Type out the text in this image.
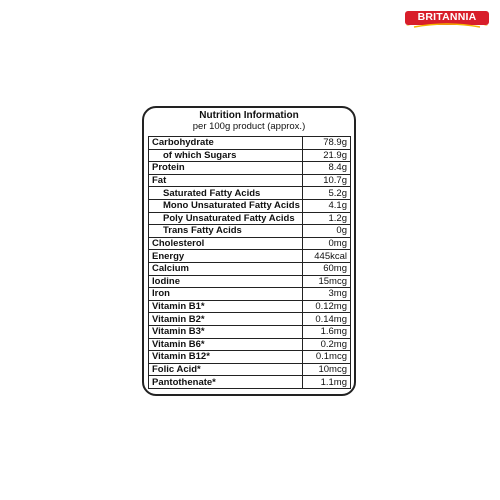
BRITANNIA
Nutrition Information
per 100g product (approx.)
Carbohydrate	78.9g
of which Sugars	21.9g
Protein	8.4g
Fat	10.7g
Saturated Fatty Acids	5.2g
Mono Unsaturated Fatty Acids	4.1g
Poly Unsaturated Fatty Acids	1.2g
Trans Fatty Acids	0g
Cholesterol	0mg
Energy	445kcal
Calcium	60mg
Iodine	15mcg
Iron	3mg
Vitamin B1*	0.12mg
Vitamin B2*	0.14mg
Vitamin B3*	1.6mg
Vitamin B6*	0.2mg
Vitamin B12*	0.1mcg
Folic Acid*	10mcg
Pantothenate*	1.1mg
